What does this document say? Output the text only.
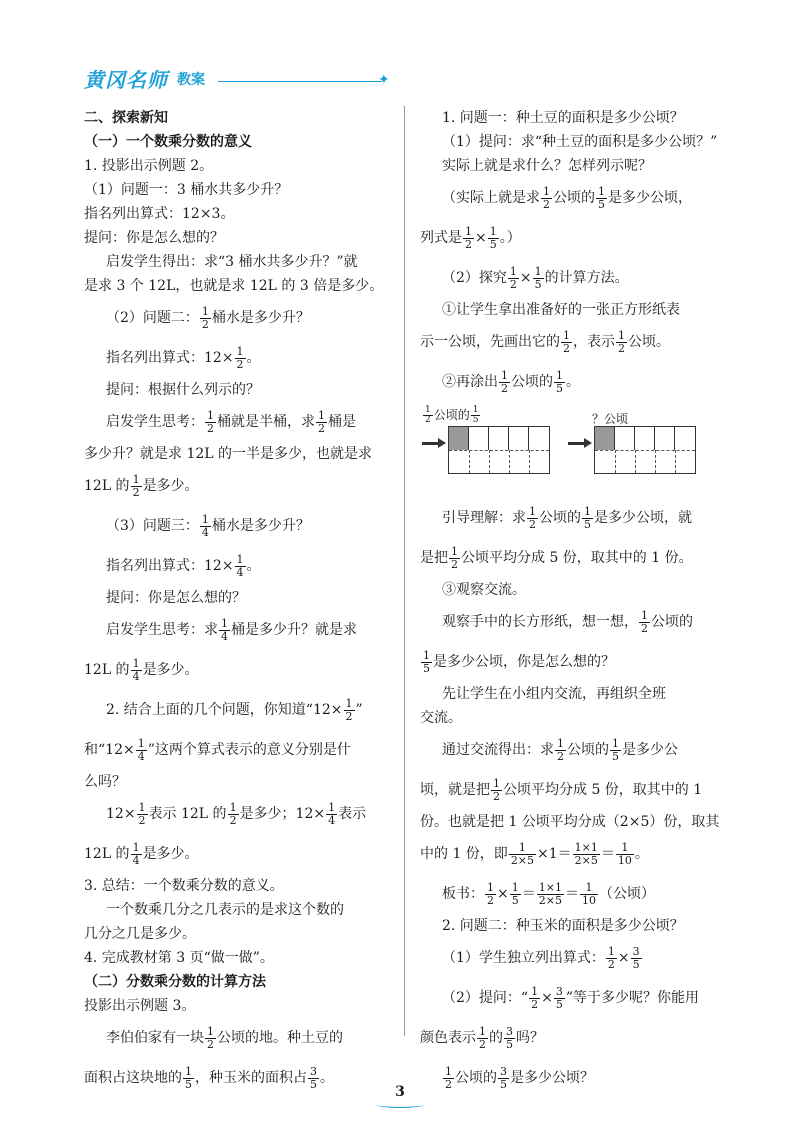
黄冈名师 教案	✦
二、探索新知
（一）一个数乘分数的意义
1. 投影出示例题 2。
（1）问题一：3 桶水共多少升？
指名列出算式：12×3。
提问：你是怎么想的？
启发学生得出：求“3 桶水共多少升？”就
是求 3 个 12L，也就是求 12L 的 3 倍是多少。
（2）问题二： $\frac{1}{2}$ 桶水是多少升？
指名列出算式：$12\times \frac{1}{2}$ 。
提问：根据什么列示的？
启发学生思考： $\frac{1}{2}$ 桶就是半桶，求 $\frac{1}{2}$ 桶是
多少升？就是求 12L 的一半是多少，也就是求
12L 的 $\frac{1}{2}$ 是多少。
（3）问题三： $\frac{1}{4}$ 桶水是多少升？
指名列出算式：$12\times \frac{1}{4}$ 。
提问：你是怎么想的？
启发学生思考：求 $\frac{1}{4}$ 桶是多少升？就是求
12L 的 $\frac{1}{4}$ 是多少。
2. 结合上面的几个问题，你知道“$12\times \frac{1}{2}$ ”
和“$12\times \frac{1}{4}$ ”这两个算式表示的意义分别是什
么吗？
$12\times \frac{1}{2}$ 表示 12L 的 $\frac{1}{2}$ 是多少；$12\times \frac{1}{4}$ 表示
12L 的 $\frac{1}{4}$ 是多少。
3. 总结：一个数乘分数的意义。
一个数乘几分之几表示的是求这个数的
几分之几是多少。
4. 完成教材第 3 页“做一做”。
（二）分数乘分数的计算方法
投影出示例题 3。
李伯伯家有一块 $\frac{1}{2}$ 公顷的地。种土豆的
面积占这块地的 $\frac{1}{5}$ ，种玉米的面积占 $\frac{3}{5}$ 。
1. 问题一：种土豆的面积是多少公顷？
（1）提问：求“种土豆的面积是多少公顷？”
实际上就是求什么？怎样列示呢？
（实际上就是求 $\frac{1}{2}$ 公顷的 $\frac{1}{5}$ 是多少公顷，
列式是 $\frac{1}{2} \times \frac{1}{5}$ 。）
（2）探究 $\frac{1}{2} \times \frac{1}{5}$ 的计算方法。
①让学生拿出准备好的一张正方形纸表
示一公顷，先画出它的 $\frac{1}{2}$ ，表示 $\frac{1}{2}$ 公顷。
②再涂出 $\frac{1}{2}$ 公顷的 $\frac{1}{5}$ 。
$\frac{1}{2}$ 公顷的 $\frac{1}{5}$	？公顷
引导理解：求 $\frac{1}{2}$ 公顷的 $\frac{1}{5}$ 是多少公顷，就
是把 $\frac{1}{2}$ 公顷平均分成 5 份，取其中的 1 份。
③观察交流。
观察手中的长方形纸，想一想， $\frac{1}{2}$ 公顷的
$\frac{1}{5}$ 是多少公顷，你是怎么想的？
先让学生在小组内交流，再组织全班
交流。
通过交流得出：求 $\frac{1}{2}$ 公顷的 $\frac{1}{5}$ 是多少公
顷，就是把 $\frac{1}{2}$ 公顷平均分成 5 份，取其中的 1
份。也就是把 1 公顷平均分成（2×5）份，取其
中的 1 份，即 $\frac{1}{2\times 5} \times 1= \frac{1\times 1}{2\times 5} = \frac{1}{10}$ 。
板书： $\frac{1}{2} \times \frac{1}{5} = \frac{1\times 1}{2\times 5} = \frac{1}{10}$ （公顷）
2. 问题二：种玉米的面积是多少公顷？
（1）学生独立列出算式： $\frac{1}{2} \times \frac{3}{5}$
（2）提问：“ $\frac{1}{2} \times \frac{3}{5}$ ”等于多少呢？你能用
颜色表示 $\frac{1}{2}$ 的 $\frac{3}{5}$ 吗？
$\frac{1}{2}$ 公顷的 $\frac{3}{5}$ 是多少公顷？
3
